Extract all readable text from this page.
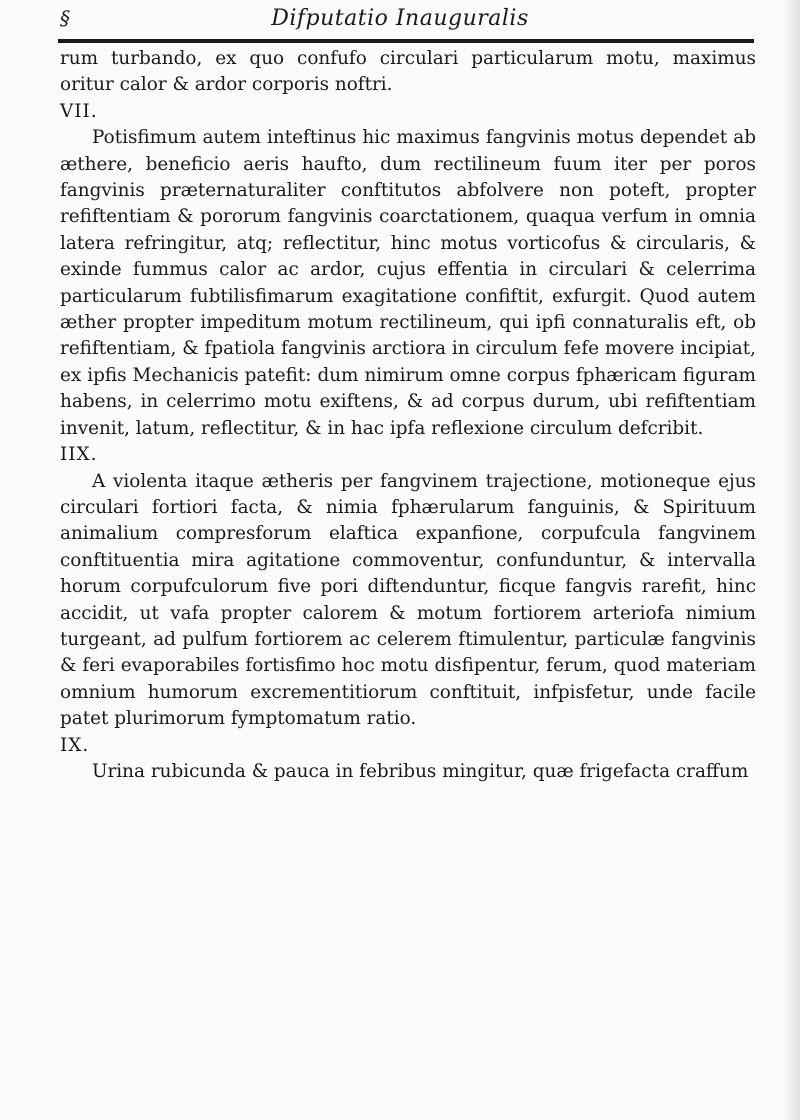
§	Difputatio Inauguralis

rum turbando, ex quo confufo circulari particularum motu, maximus oritur calor & ardor corporis noftri.

VII.

Potisfimum autem inteftinus hic maximus fangvinis motus dependet ab æthere, beneficio aeris haufto, dum rectilineum fuum iter per poros fangvinis præternaturaliter conftitutos abfolvere non poteft, propter refiftentiam & pororum fangvinis coarctationem, quaqua verfum in omnia latera refringitur, atq; reflectitur, hinc motus vorticofus & circularis, & exinde fummus calor ac ardor, cujus effentia in circulari & celerrima particularum fubtilisfimarum exagitatione confiftit, exfurgit. Quod autem æther propter impeditum motum rectilineum, qui ipfi connaturalis eft, ob refiftentiam, & fpatiola fangvinis arctiora in circulum fefe movere incipiat, ex ipfis Mechanicis patefit: dum nimirum omne corpus fphæricam figuram habens, in celerrimo motu exiftens, & ad corpus durum, ubi refiftentiam invenit, latum, reflectitur, & in hac ipfa reflexione circulum defcribit.

IIX.

A violenta itaque ætheris per fangvinem trajectione, motioneque ejus circulari fortiori facta, & nimia fphærularum fanguinis, & Spirituum animalium compresforum elaftica expanfione, corpufcula fangvinem conftituentia mira agitatione commoventur, confunduntur, & intervalla horum corpufculorum five pori diftenduntur, ficque fangvis rarefit, hinc accidit, ut vafa propter calorem & motum fortiorem arteriofa nimium turgeant, ad pulfum fortiorem ac celerem ftimulentur, particulæ fangvinis & feri evaporabiles fortisfimo hoc motu disfipentur, ferum, quod materiam omnium humorum excrementitiorum conftituit, infpisfetur, unde facile patet plurimorum fymptomatum ratio.

IX.

Urina rubicunda & pauca in febribus mingitur, quæ frigefacta craffum
